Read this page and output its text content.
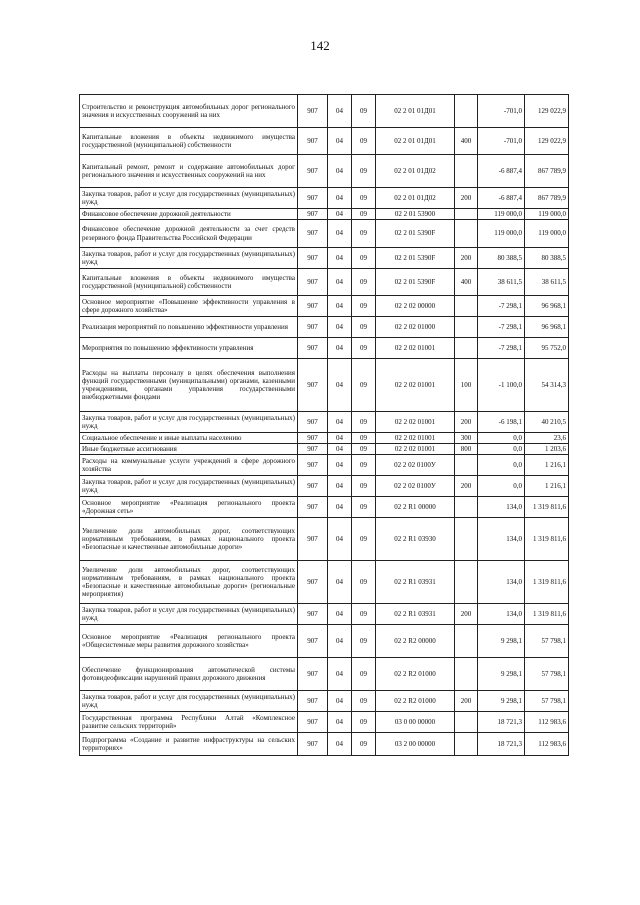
142
Строительство и реконструкция автомобильных дорог регионального значения и искусственных сооружений на них	907	04	09	02 2 01 01Д01		-701,0	129 022,9
Капитальные вложения в объекты недвижимого имущества государственной (муниципальной) собственности	907	04	09	02 2 01 01Д01	400	-701,0	129 022,9
Капитальный ремонт, ремонт и содержание автомобильных дорог регионального значения и искусственных сооружений на них	907	04	09	02 2 01 01Д02		-6 887,4	867 789,9
Закупка товаров, работ и услуг для государственных (муниципальных) нужд	907	04	09	02 2 01 01Д02	200	-6 887,4	867 789,9
Финансовое обеспечение дорожной деятельности	907	04	09	02 2 01 53900		119 000,0	119 000,0
Финансовое обеспечение дорожной деятельности за счет средств резервного фонда Правительства Российской Федерации	907	04	09	02 2 01 5390F		119 000,0	119 000,0
Закупка товаров, работ и услуг для государственных (муниципальных) нужд	907	04	09	02 2 01 5390F	200	80 388,5	80 388,5
Капитальные вложения в объекты недвижимого имущества государственной (муниципальной) собственности	907	04	09	02 2 01 5390F	400	38 611,5	38 611,5
Основное мероприятие «Повышение эффективности управления в сфере дорожного хозяйства»	907	04	09	02 2 02 00000		-7 298,1	96 968,1
Реализация мероприятий по повышению эффективности управления	907	04	09	02 2 02 01000		-7 298,1	96 968,1
Мероприятия по повышению эффективности управления	907	04	09	02 2 02 01001		-7 298,1	95 752,0
Расходы на выплаты персоналу в целях обеспечения выполнения функций государственными (муниципальными) органами, казенными учреждениями, органами управления государственными внебюджетными фондами	907	04	09	02 2 02 01001	100	-1 100,0	54 314,3
Закупка товаров, работ и услуг для государственных (муниципальных) нужд	907	04	09	02 2 02 01001	200	-6 198,1	40 210,5
Социальное обеспечение и иные выплаты населению	907	04	09	02 2 02 01001	300	0,0	23,6
Иные бюджетные ассигнования	907	04	09	02 2 02 01001	800	0,0	1 203,6
Расходы на коммунальные услуги учреждений в сфере дорожного хозяйства	907	04	09	02 2 02 0100У		0,0	1 216,1
Закупка товаров, работ и услуг для государственных (муниципальных) нужд	907	04	09	02 2 02 0100У	200	0,0	1 216,1
Основное мероприятие «Реализация регионального проекта «Дорожная сеть»	907	04	09	02 2 R1 00000		134,0	1 319 811,6
Увеличение доли автомобильных дорог, соответствующих нормативным требованиям, в рамках национального проекта «Безопасные и качественные автомобильные дороги»	907	04	09	02 2 R1 03930		134,0	1 319 811,6
Увеличение доли автомобильных дорог, соответствующих нормативным требованиям, в рамках национального проекта «Безопасные и качественные автомобильные дороги» (региональные мероприятия)	907	04	09	02 2 R1 03931		134,0	1 319 811,6
Закупка товаров, работ и услуг для государственных (муниципальных) нужд	907	04	09	02 2 R1 03931	200	134,0	1 319 811,6
Основное мероприятие «Реализация регионального проекта «Общесистемные меры развития дорожного хозяйства»	907	04	09	02 2 R2 00000		9 298,1	57 798,1
Обеспечение функционирования автоматической системы фотовидеофиксации нарушений правил дорожного движения	907	04	09	02 2 R2 01000		9 298,1	57 798,1
Закупка товаров, работ и услуг для государственных (муниципальных) нужд	907	04	09	02 2 R2 01000	200	9 298,1	57 798,1
Государственная программа Республики Алтай «Комплексное развитие сельских территорий»	907	04	09	03 0 00 00000		18 721,3	112 983,6
Подпрограмма «Создание и развитие инфраструктуры на сельских территориях»	907	04	09	03 2 00 00000		18 721,3	112 983,6
